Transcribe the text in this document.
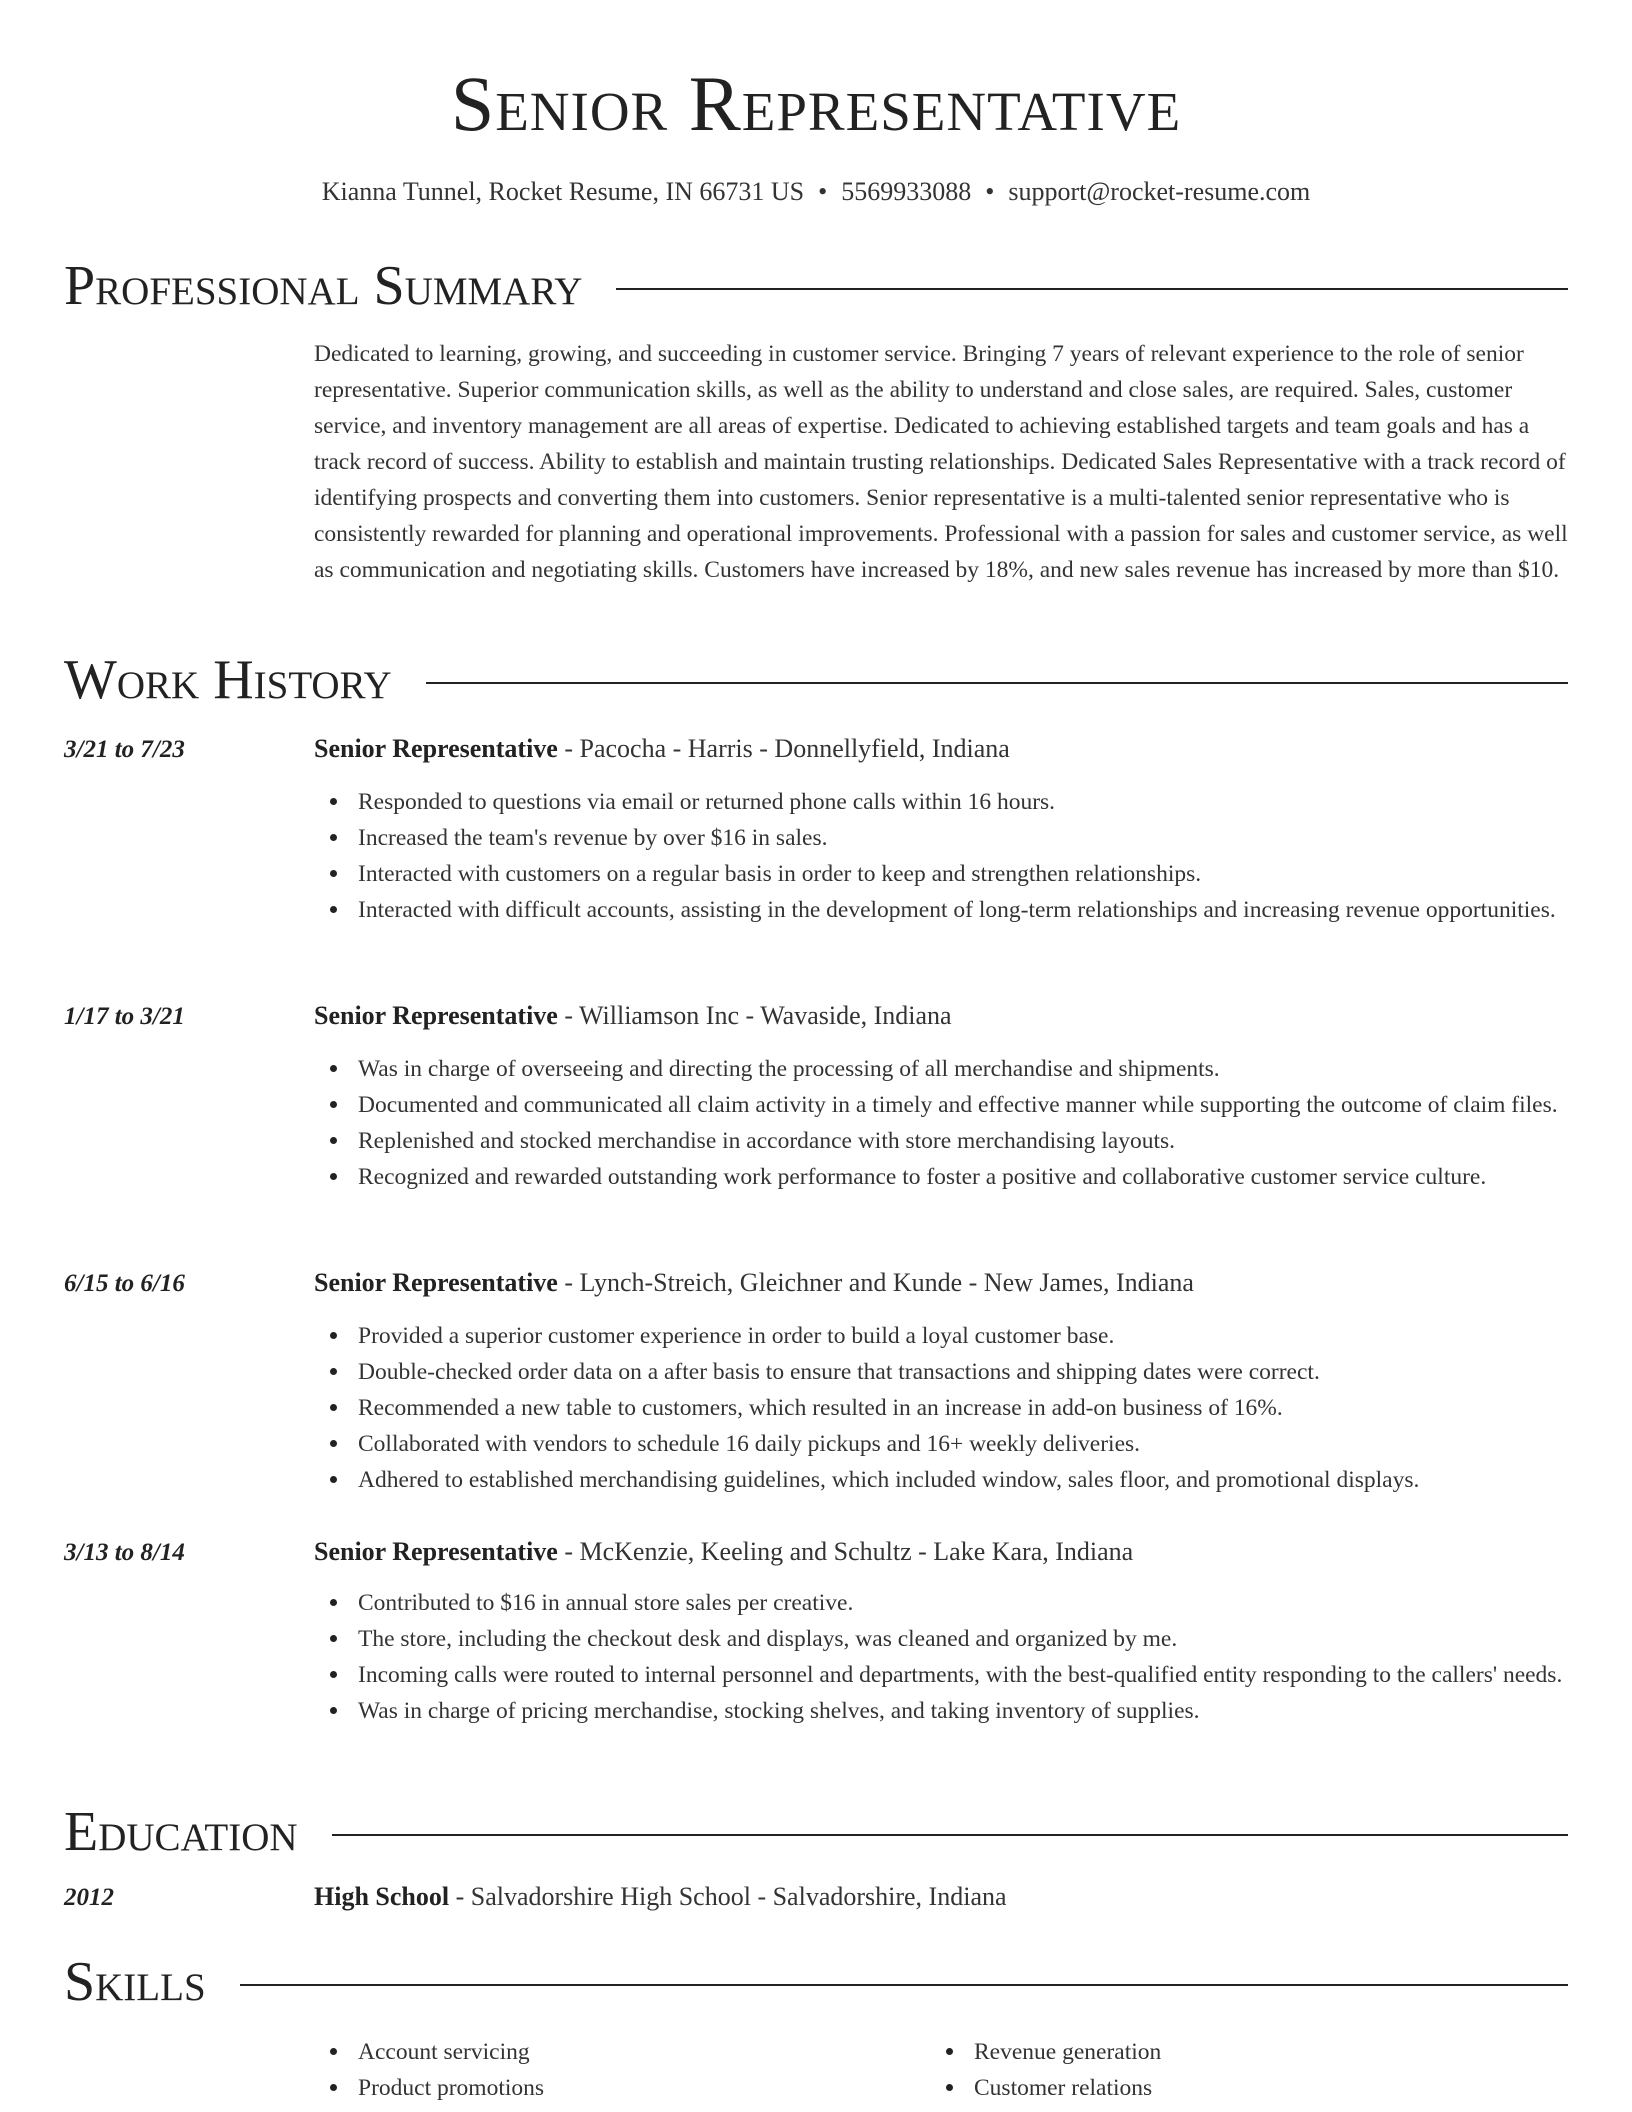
Senior Representative
Kianna Tunnel, Rocket Resume, IN 66731 US • 5569933088 • support@rocket-resume.com
Professional Summary
Dedicated to learning, growing, and succeeding in customer service. Bringing 7 years of relevant experience to the role of senior representative. Superior communication skills, as well as the ability to understand and close sales, are required. Sales, customer service, and inventory management are all areas of expertise. Dedicated to achieving established targets and team goals and has a track record of success. Ability to establish and maintain trusting relationships. Dedicated Sales Representative with a track record of identifying prospects and converting them into customers. Senior representative is a multi-talented senior representative who is consistently rewarded for planning and operational improvements. Professional with a passion for sales and customer service, as well as communication and negotiating skills. Customers have increased by 18%, and new sales revenue has increased by more than $10.
Work History
3/21 to 7/23	Senior Representative - Pacocha - Harris - Donnellyfield, Indiana
Responded to questions via email or returned phone calls within 16 hours.
Increased the team's revenue by over $16 in sales.
Interacted with customers on a regular basis in order to keep and strengthen relationships.
Interacted with difficult accounts, assisting in the development of long-term relationships and increasing revenue opportunities.
1/17 to 3/21	Senior Representative - Williamson Inc - Wavaside, Indiana
Was in charge of overseeing and directing the processing of all merchandise and shipments.
Documented and communicated all claim activity in a timely and effective manner while supporting the outcome of claim files.
Replenished and stocked merchandise in accordance with store merchandising layouts.
Recognized and rewarded outstanding work performance to foster a positive and collaborative customer service culture.
6/15 to 6/16	Senior Representative - Lynch-Streich, Gleichner and Kunde - New James, Indiana
Provided a superior customer experience in order to build a loyal customer base.
Double-checked order data on a after basis to ensure that transactions and shipping dates were correct.
Recommended a new table to customers, which resulted in an increase in add-on business of 16%.
Collaborated with vendors to schedule 16 daily pickups and 16+ weekly deliveries.
Adhered to established merchandising guidelines, which included window, sales floor, and promotional displays.
3/13 to 8/14	Senior Representative - McKenzie, Keeling and Schultz - Lake Kara, Indiana
Contributed to $16 in annual store sales per creative.
The store, including the checkout desk and displays, was cleaned and organized by me.
Incoming calls were routed to internal personnel and departments, with the best-qualified entity responding to the callers' needs.
Was in charge of pricing merchandise, stocking shelves, and taking inventory of supplies.
Education
2012	High School - Salvadorshire High School - Salvadorshire, Indiana
Skills
Account servicing
Product promotions
Revenue generation
Customer relations
